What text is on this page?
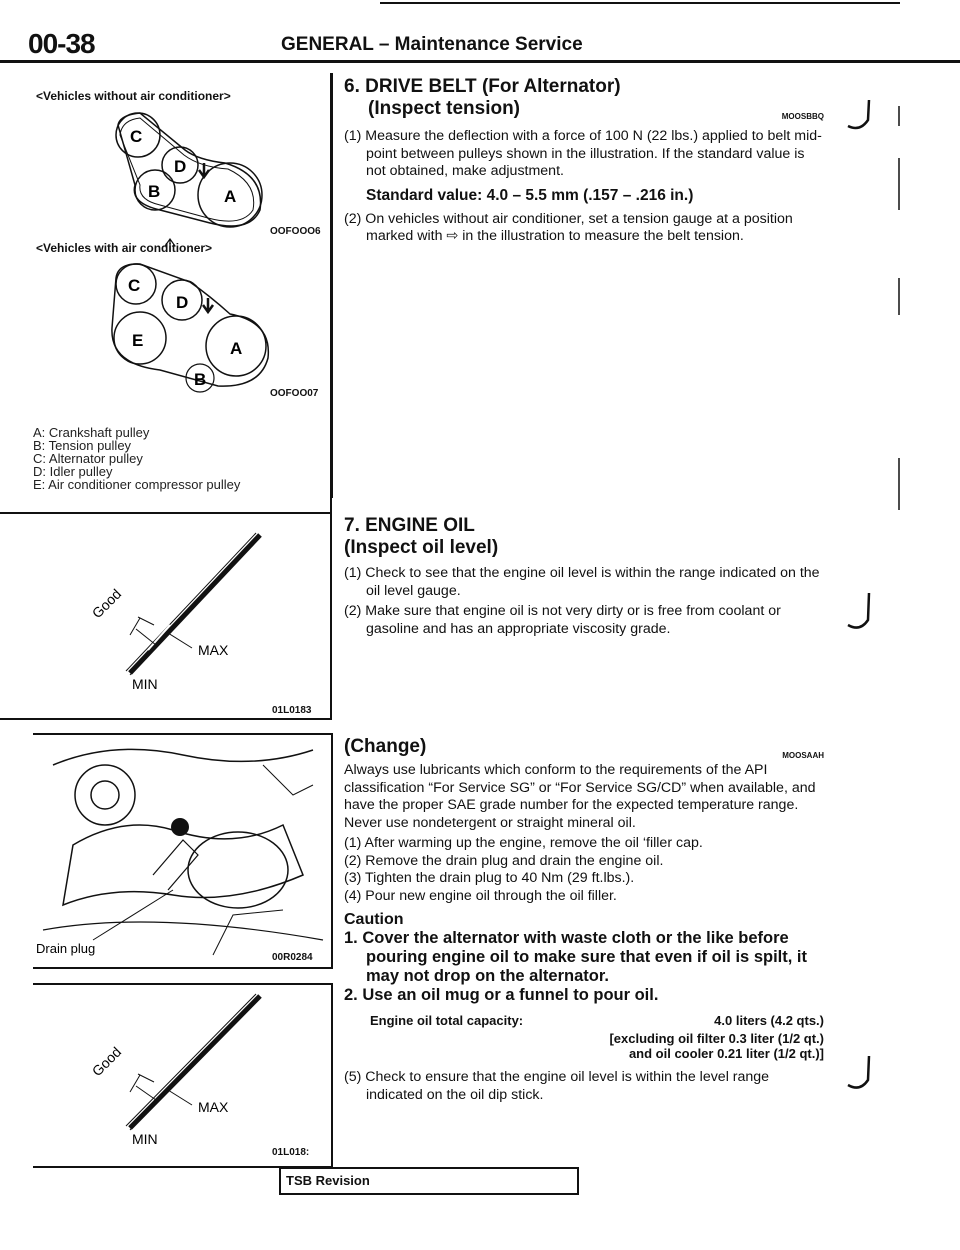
00-38	GENERAL – Maintenance Service
<Vehicles without air conditioner>
C
D
B	A
OOFOOO6
<Vehicles with air conditioner>
C
D
E	A
B
OOFOO07
A: Crankshaft pulley
B: Tension pulley
C: Alternator pulley
D: Idler pulley
E: Air conditioner compressor pulley
Good
MAX
MIN
01L0183
Drain plug
00R0284
Good
MAX
MIN
01L018:
6. DRIVE BELT (For Alternator)
(Inspect tension)	MOOSBBQ
(1) Measure the deflection with a force of 100 N (22 lbs.) applied to belt mid-point between pulleys shown in the illustration. If the standard value is not obtained, make adjustment.
Standard value: 4.0 – 5.5 mm (.157 – .216 in.)
(2) On vehicles without air conditioner, set a tension gauge at a position marked with ⇨ in the illustration to measure the belt tension.
7. ENGINE OIL
(Inspect oil level)
(1) Check to see that the engine oil level is within the range indicated on the oil level gauge.
(2) Make sure that engine oil is not very dirty or is free from coolant or gasoline and has an appropriate viscosity grade.
(Change)	MOOSAAH
Always use lubricants which conform to the requirements of the API classification “For Service SG” or “For Service SG/CD” when available, and have the proper SAE grade number for the expected temperature range.
Never use nondetergent or straight mineral oil.
(1) After warming up the engine, remove the oil ‘filler cap.
(2) Remove the drain plug and drain the engine oil.
(3) Tighten the drain plug to 40 Nm (29 ft.lbs.).
(4) Pour new engine oil through the oil filler.
Caution
1. Cover the alternator with waste cloth or the like before pouring engine oil to make sure that even if oil is spilt, it may not drop on the alternator.
2. Use an oil mug or a funnel to pour oil.
Engine oil total capacity:	4.0 liters (4.2 qts.)
[excluding oil filter 0.3 liter (1/2 qt.)
and oil cooler 0.21 liter (1/2 qt.)]
(5) Check to ensure that the engine oil level is within the level range indicated on the oil dip stick.
TSB Revision
